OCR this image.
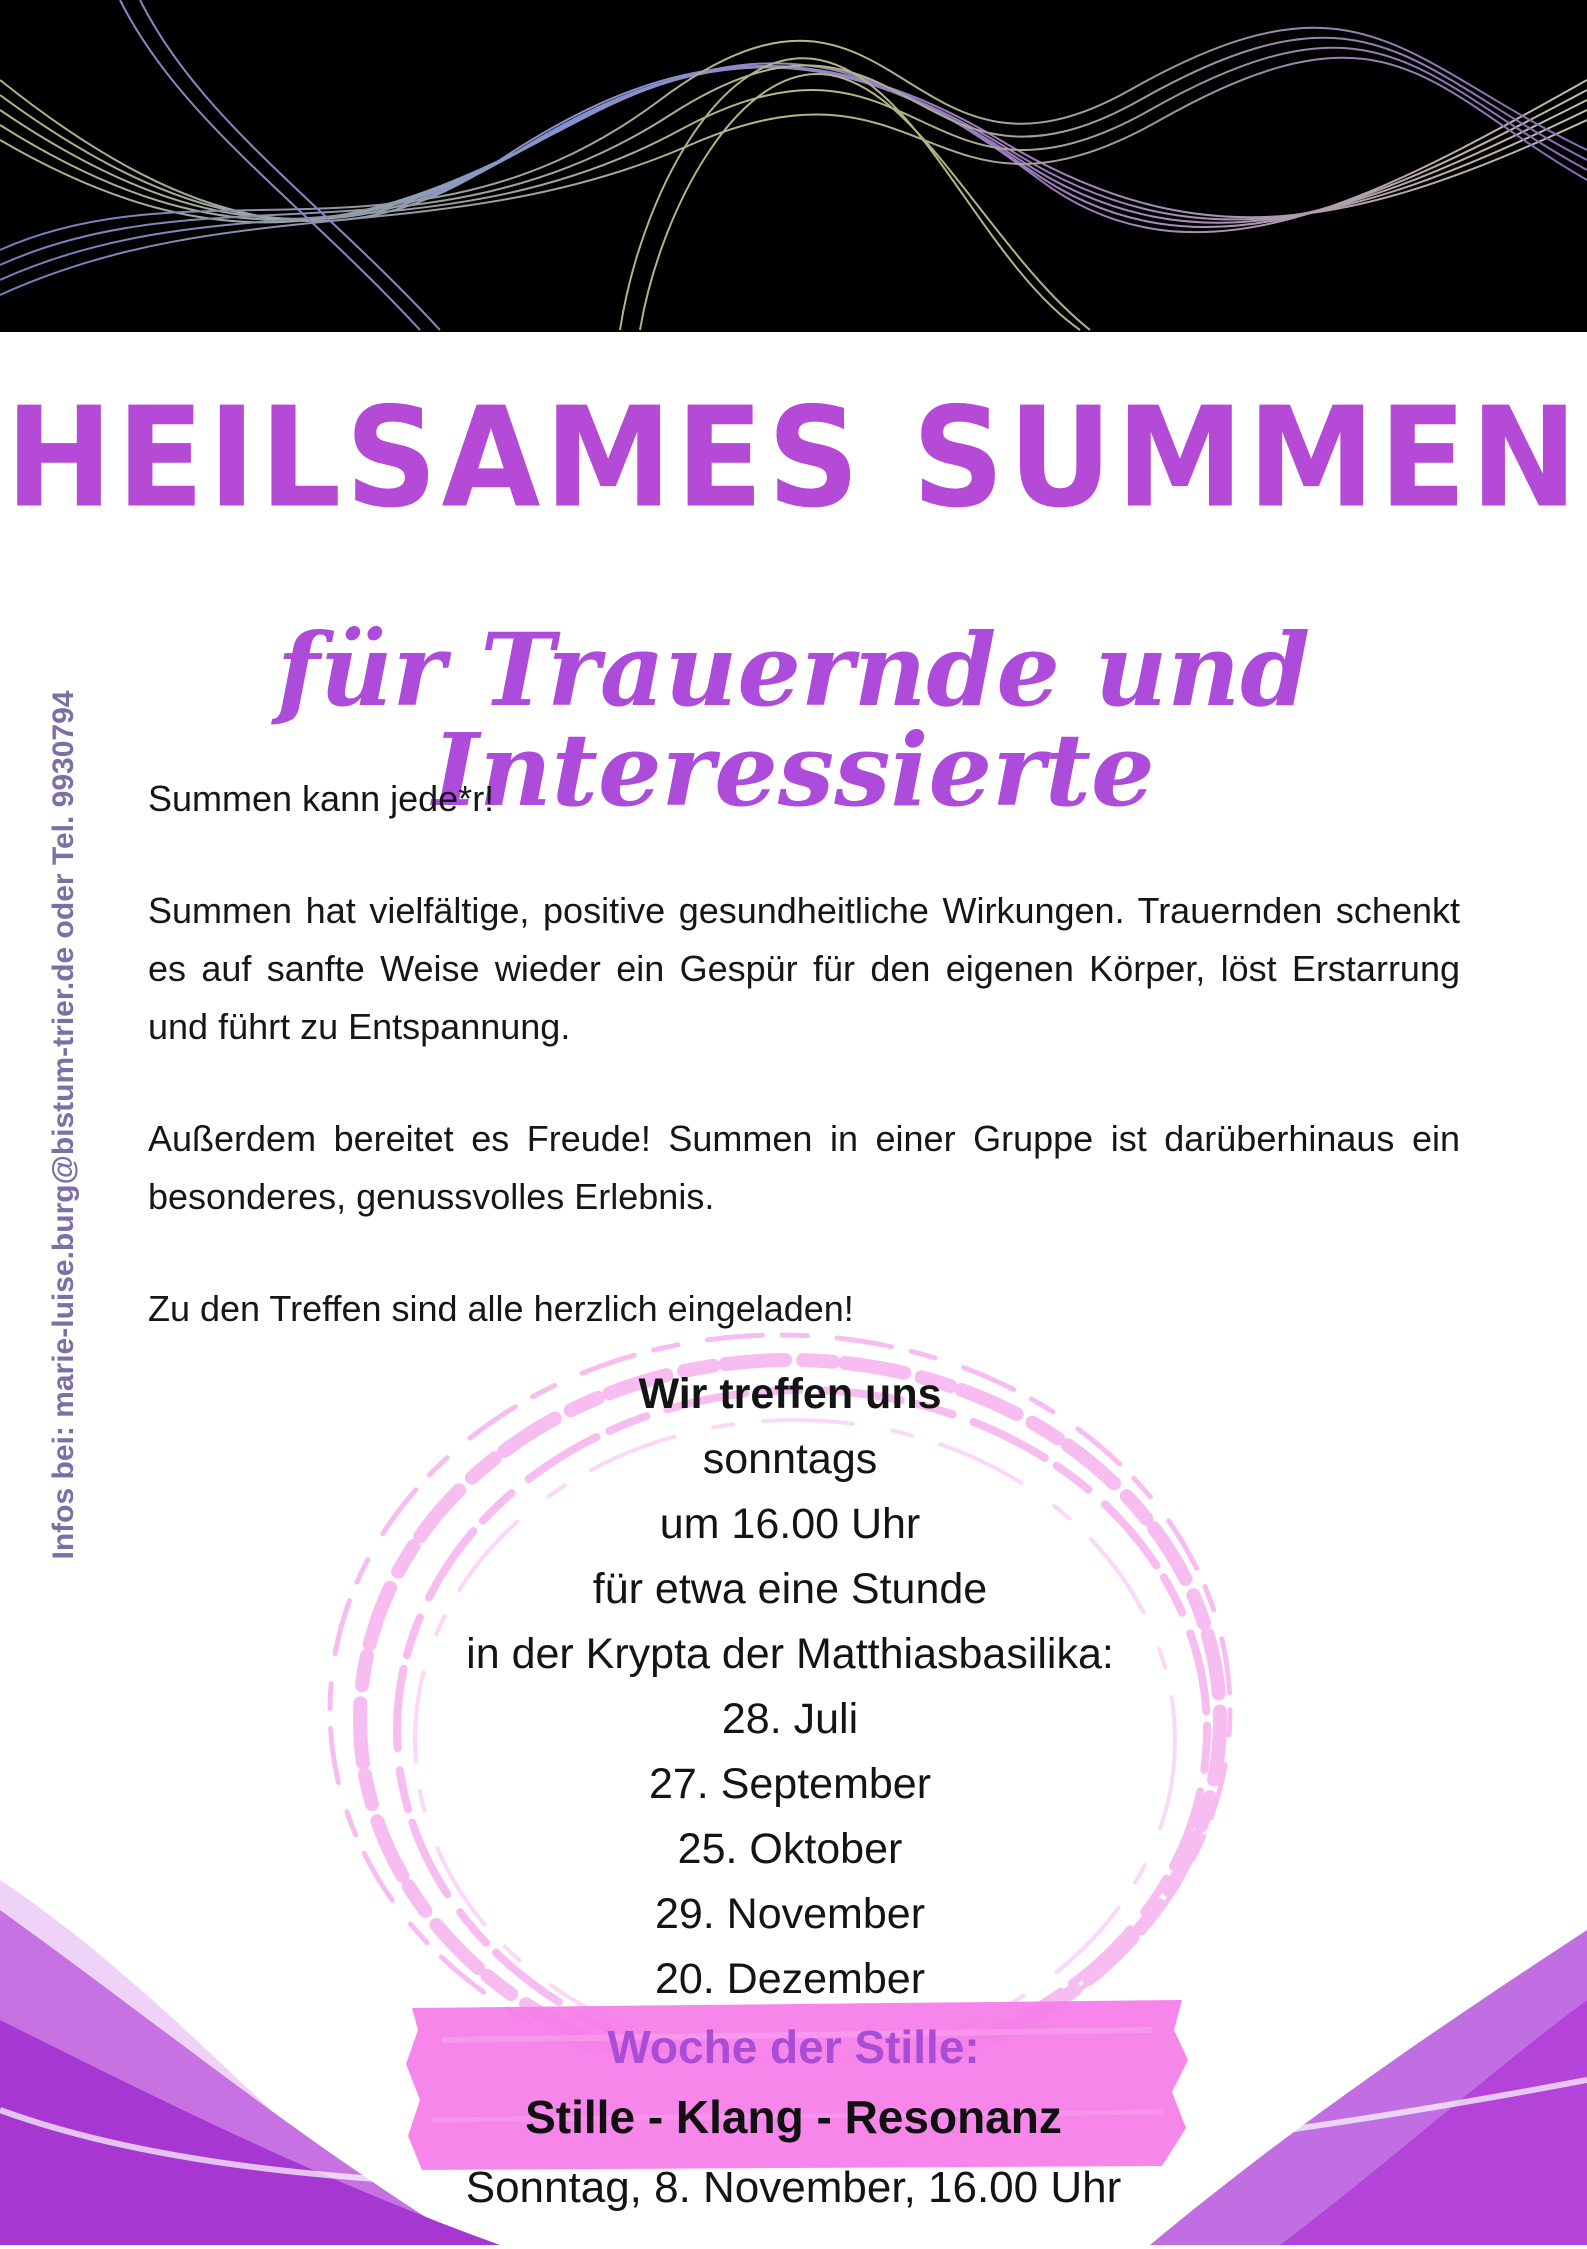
HEILSAMES SUMMEN
für Trauernde und Interessierte
Infos bei: marie-luise.burg@bistum-trier.de oder Tel. 9930794 Summen kann jede*r!

Summen hat vielfältige, positive gesundheitliche Wirkungen. Trauernden schenkt es auf sanfte Weise wieder ein Gespür für den eigenen Körper, löst Erstarrung und führt zu Entspannung.

Außerdem bereitet es Freude! Summen in einer Gruppe ist darüberhinaus ein besonderes, genussvolles Erlebnis.

Zu den Treffen sind alle herzlich eingeladen!

Wir treffen uns
sonntags
um 16.00 Uhr
für etwa eine Stunde
in der Krypta der Matthiasbasilika:
28. Juli
27. September
25. Oktober
29. November
20. Dezember
Woche der Stille:
Stille - Klang - Resonanz
Sonntag, 8. November, 16.00 Uhr
